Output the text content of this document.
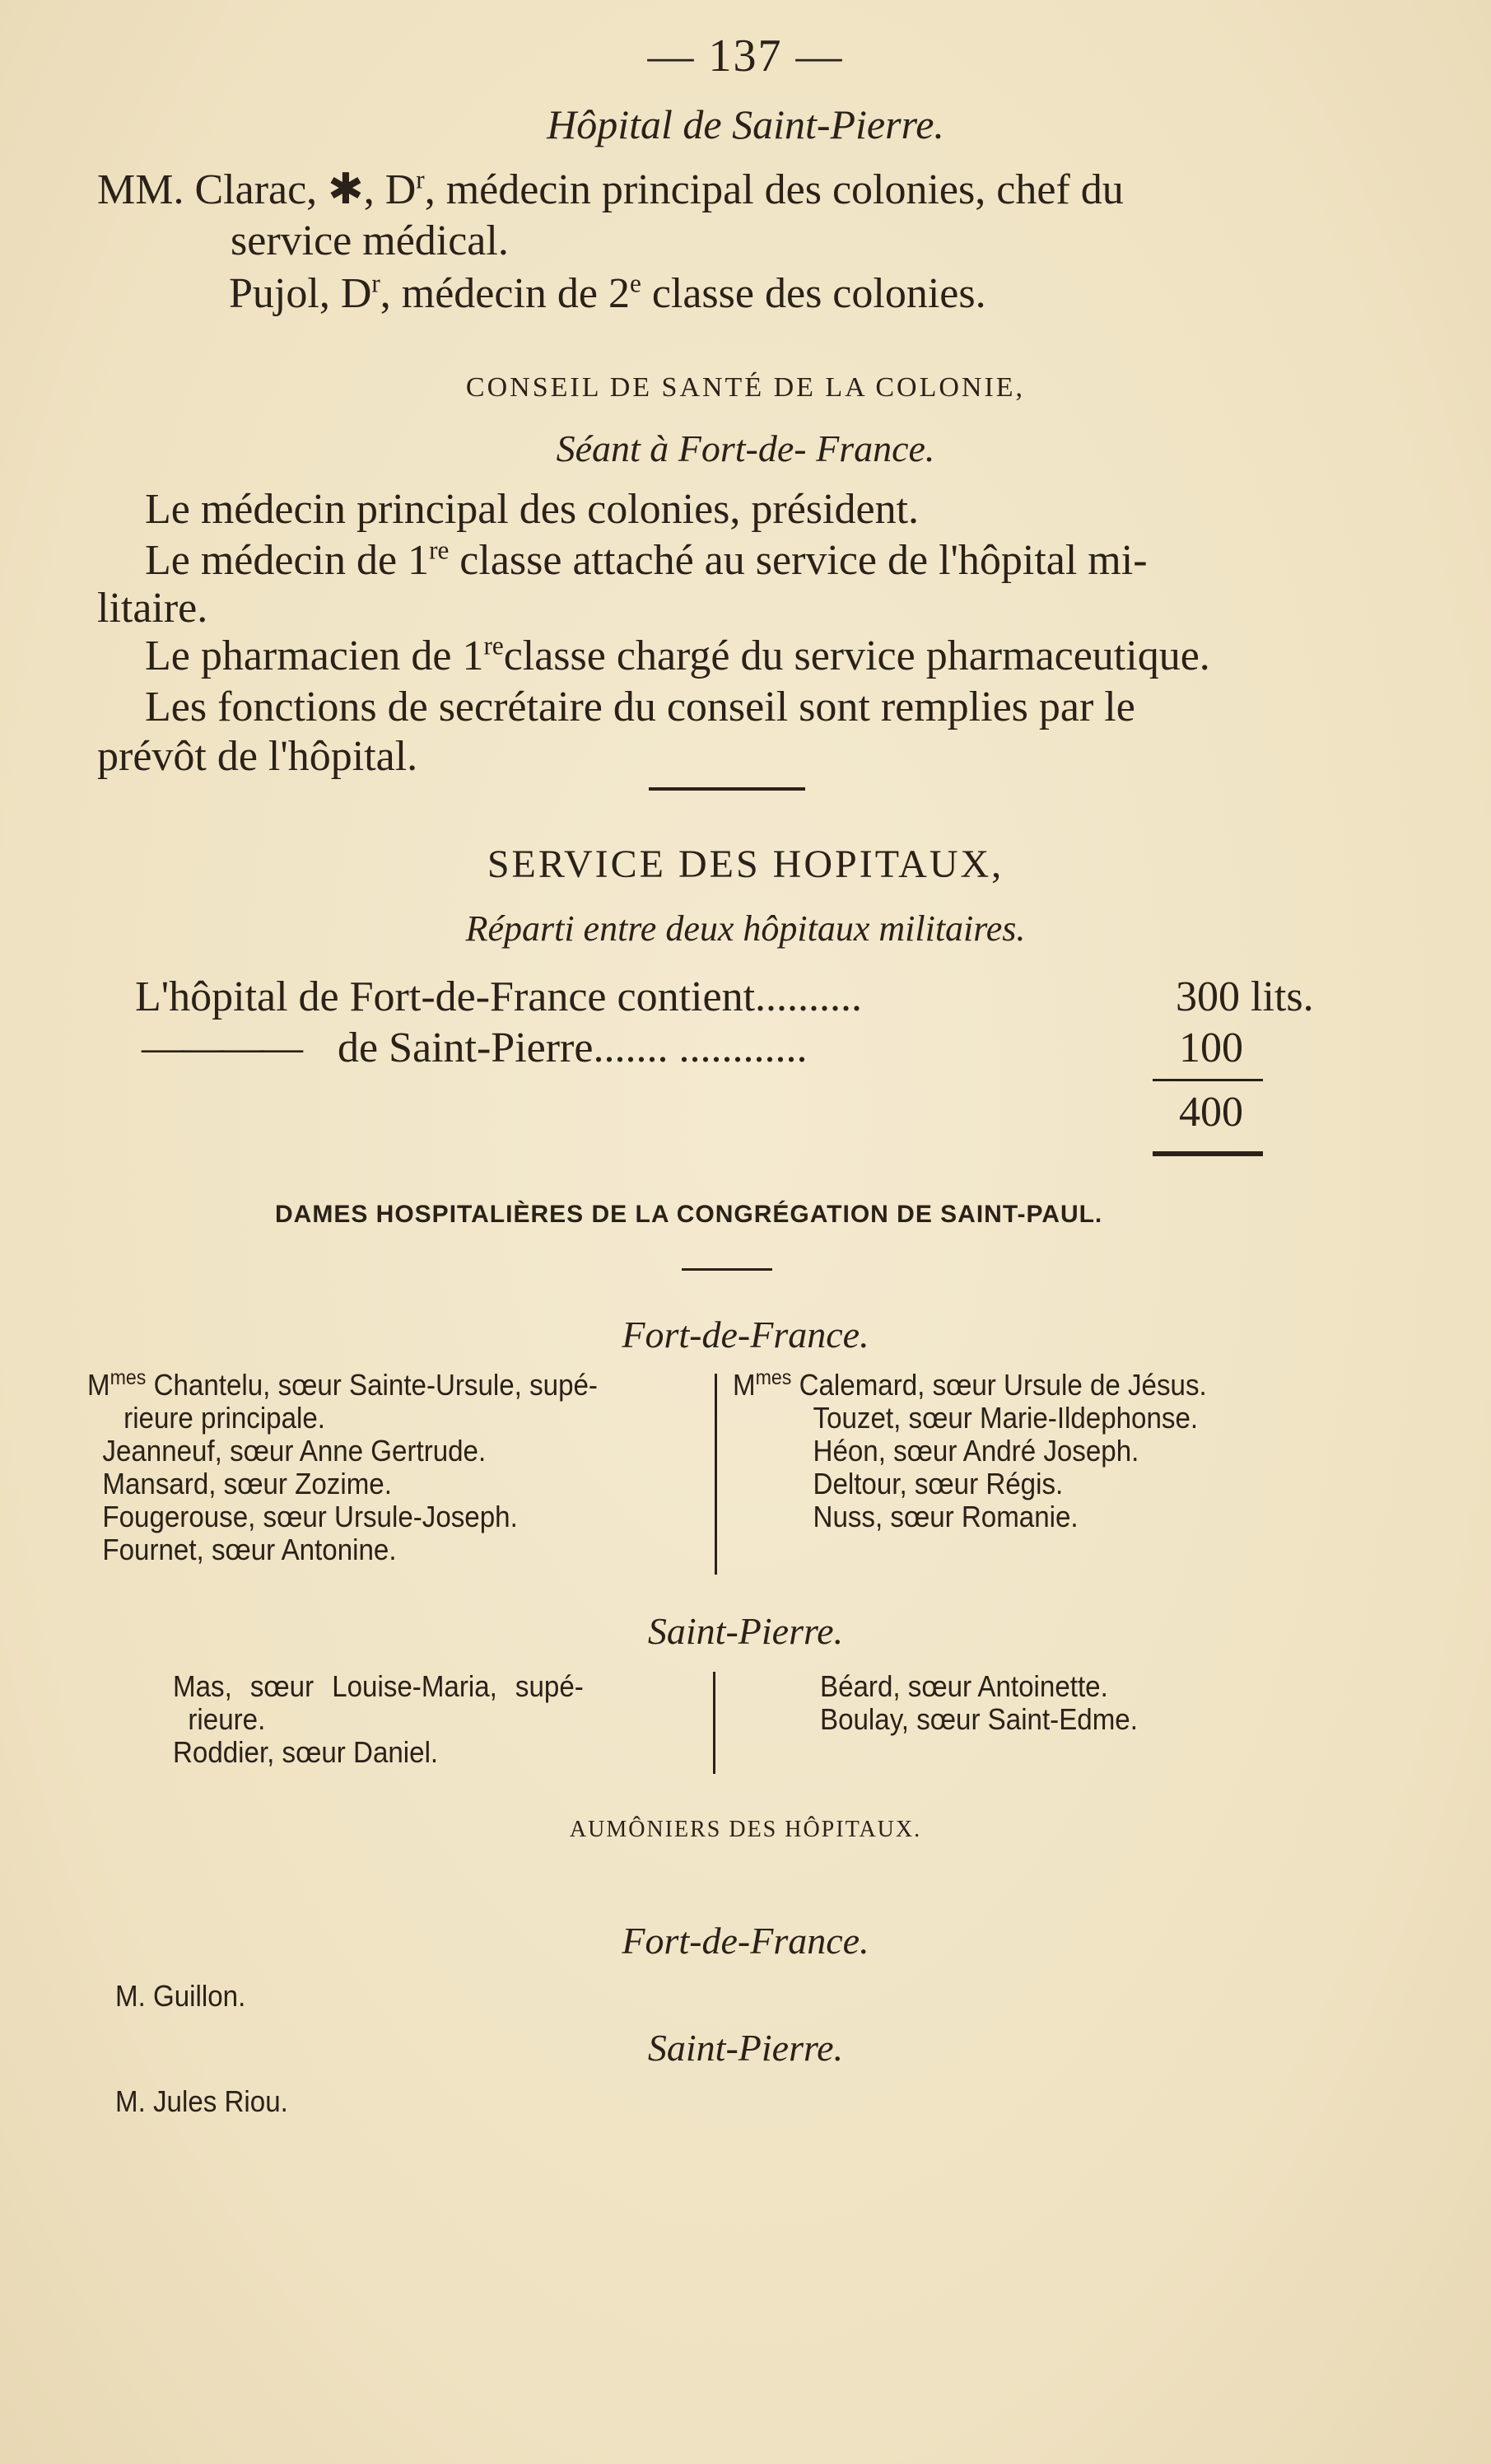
— 137 —
Hôpital de Saint-Pierre.
MM. Clarac, ✱, $D^r$, médecin principal des colonies, chef du
service médical.
Pujol, $D^r$, médecin de 2e classe des colonies.
CONSEIL DE SANTÉ DE LA COLONIE,
Séant à Fort-de- France.
Le médecin principal des colonies, président.
Le médecin de 1re classe attaché au service de l'hôpital mi-
litaire.
Le pharmacien de 1reclasse chargé du service pharmaceutique.
Les fonctions de secrétaire du conseil sont remplies par le
prévôt de l'hôpital.
SERVICE DES HOPITAUX,
Réparti entre deux hôpitaux militaires.
L'hôpital de Fort-de-France contient..........	300 lits.
———— de Saint-Pierre....... ............	100
400
DAMES HOSPITALIÈRES DE LA CONGRÉGATION DE SAINT-PAUL.
Fort-de-France.
$M^{mes}$ Chantelu, sœur Sainte-Ursule, supé-
rieure principale.
Jeanneuf, sœur Anne Gertrude.
Mansard, sœur Zozime.
Fougerouse, sœur Ursule-Joseph.
Fournet, sœur Antonine.
$M^{mes}$ Calemard, sœur Ursule de Jésus.
Touzet, sœur Marie-Ildephonse.
Héon, sœur André Joseph.
Deltour, sœur Régis.
Nuss, sœur Romanie.
Saint-Pierre.
Mas, sœur Louise-Maria, supé-
rieure.
Roddier, sœur Daniel.
Béard, sœur Antoinette.
Boulay, sœur Saint-Edme.
AUMÔNIERS DES HÔPITAUX.
Fort-de-France.
M. Guillon.
Saint-Pierre.
M. Jules Riou.
